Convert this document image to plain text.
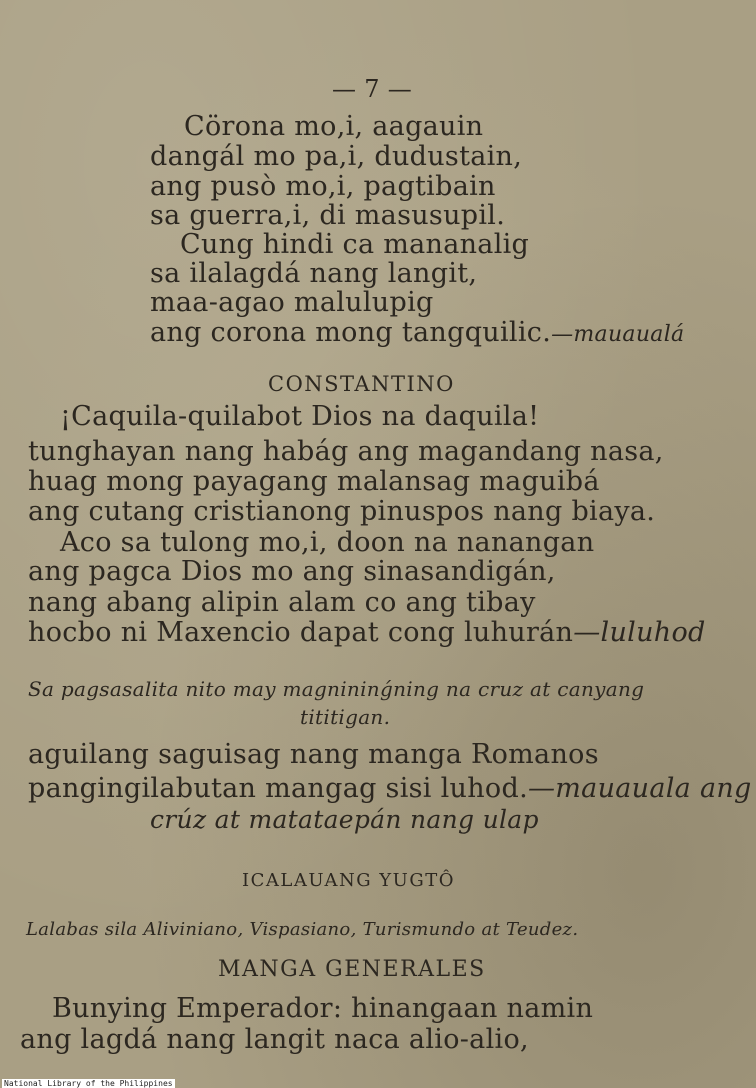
— 7 —
Cörona mo,i, aagauin
dangál mo pa,i, dudustain,
ang pusò mo,i, pagtibain
sa guerra,i, di masusupil.
Cung hindi ca mananalig
sa ilalagdá nang langit,
maa-agao malulupig
ang corona mong tangquilic.—mauaualá
CONSTANTINO
¡Caquila-quilabot Dios na daquila!
tunghayan nang habág ang magandang nasa,
huag mong payagang malansag maguibá
ang cutang cristianong pinuspos nang biaya.
Aco sa tulong mo,i, doon na nanangan
ang pagca Dios mo ang sinasandigán,
nang abang alipin alam co ang tibay
hocbo ni Maxencio dapat cong luhurán—luluhod
Sa pagsasalita nito may magnininǵning na cruz at canyang
tititigan.
aguilang saguisag nang manga Romanos
pangingilabutan mangag sisi luhod.—mauauala ang
crúz at matataepán nang ulap
ICALAUANG YUGTÔ
Lalabas sila Aliviniano, Vispasiano, Turismundo at Teudez.
MANGA GENERALES
Bunying Emperador: hinangaan namin
ang lagdá nang langit naca alio-alio,
National Library of the Philippines
